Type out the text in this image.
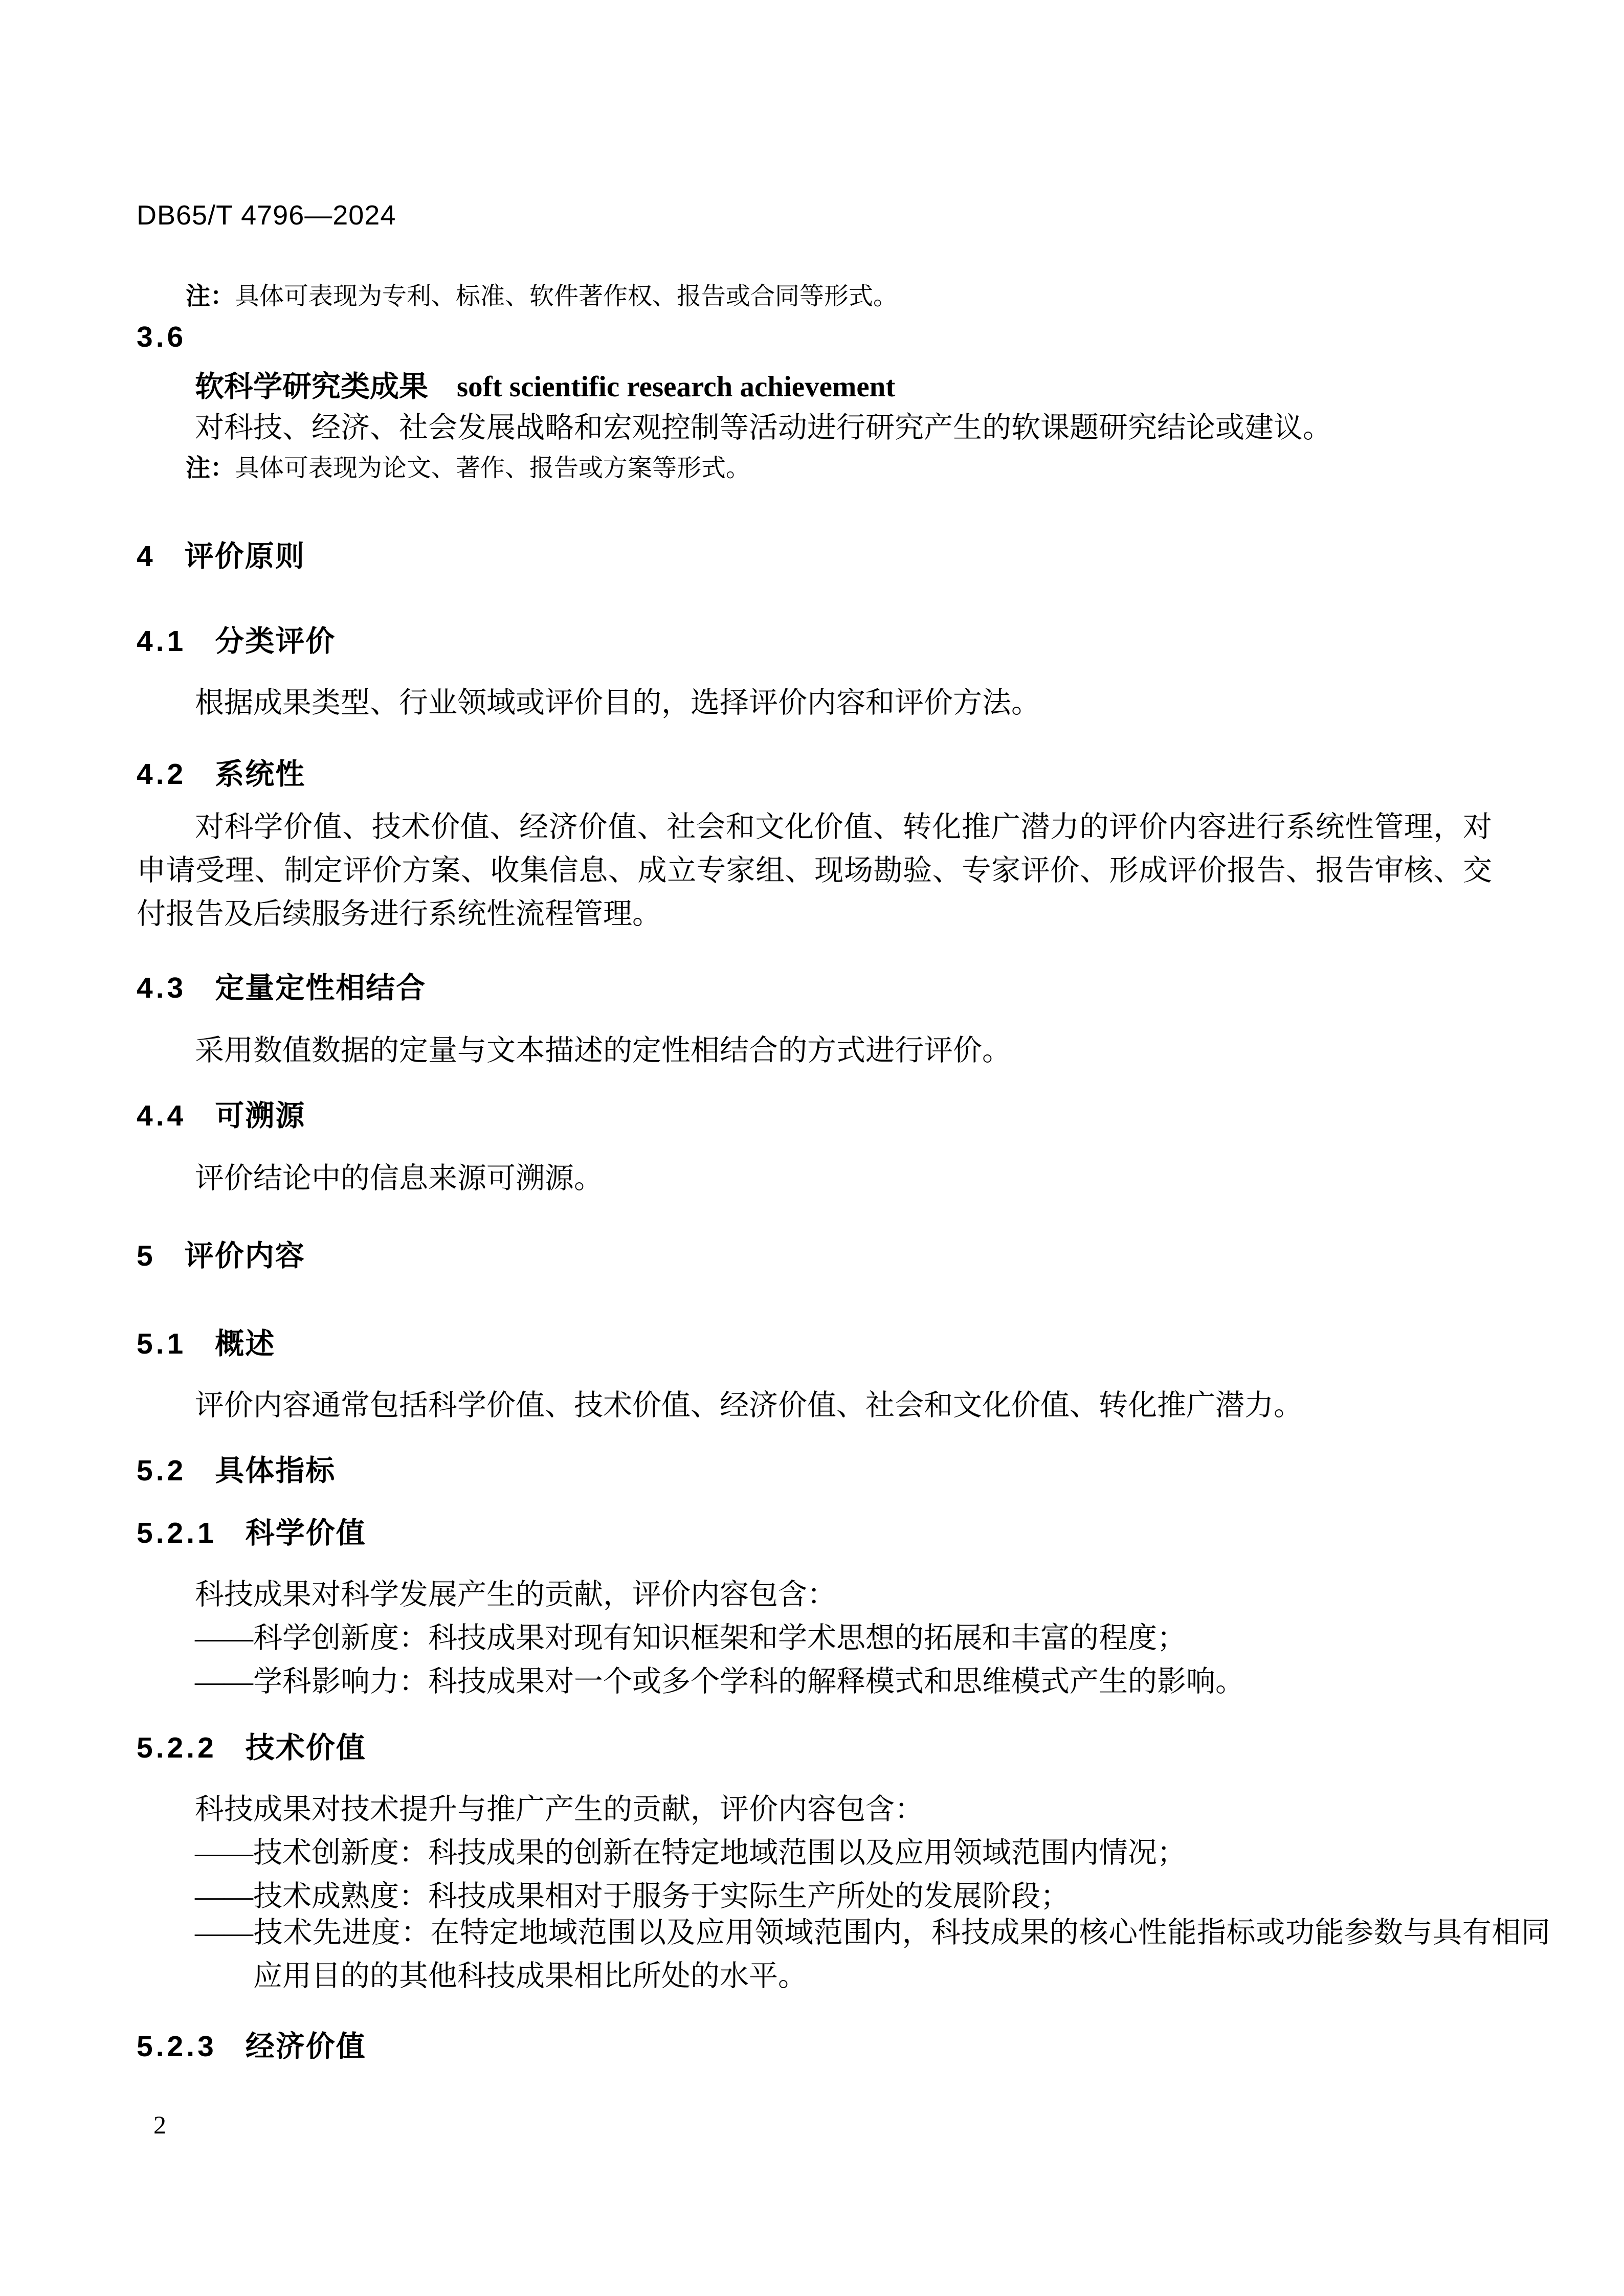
DB65/T 4796—2024
注：具体可表现为专利、标准、软件著作权、报告或合同等形式。
3.6
软科学研究类成果 soft scientific research achievement
对科技、经济、社会发展战略和宏观控制等活动进行研究产生的软课题研究结论或建议。
注：具体可表现为论文、著作、报告或方案等形式。
4 评价原则
4.1 分类评价
根据成果类型、行业领域或评价目的，选择评价内容和评价方法。
4.2 系统性
对科学价值、技术价值、经济价值、社会和文化价值、转化推广潜力的评价内容进行系统性管理，对申请受理、制定评价方案、收集信息、成立专家组、现场勘验、专家评价、形成评价报告、报告审核、交付报告及后续服务进行系统性流程管理。
4.3 定量定性相结合
采用数值数据的定量与文本描述的定性相结合的方式进行评价。
4.4 可溯源
评价结论中的信息来源可溯源。
5 评价内容
5.1 概述
评价内容通常包括科学价值、技术价值、经济价值、社会和文化价值、转化推广潜力。
5.2 具体指标
5.2.1 科学价值
科技成果对科学发展产生的贡献，评价内容包含：
——科学创新度：科技成果对现有知识框架和学术思想的拓展和丰富的程度；
——学科影响力：科技成果对一个或多个学科的解释模式和思维模式产生的影响。
5.2.2 技术价值
科技成果对技术提升与推广产生的贡献，评价内容包含：
——技术创新度：科技成果的创新在特定地域范围以及应用领域范围内情况；
——技术成熟度：科技成果相对于服务于实际生产所处的发展阶段；
——技术先进度：在特定地域范围以及应用领域范围内，科技成果的核心性能指标或功能参数与具有相同应用目的的其他科技成果相比所处的水平。
5.2.3 经济价值
2
